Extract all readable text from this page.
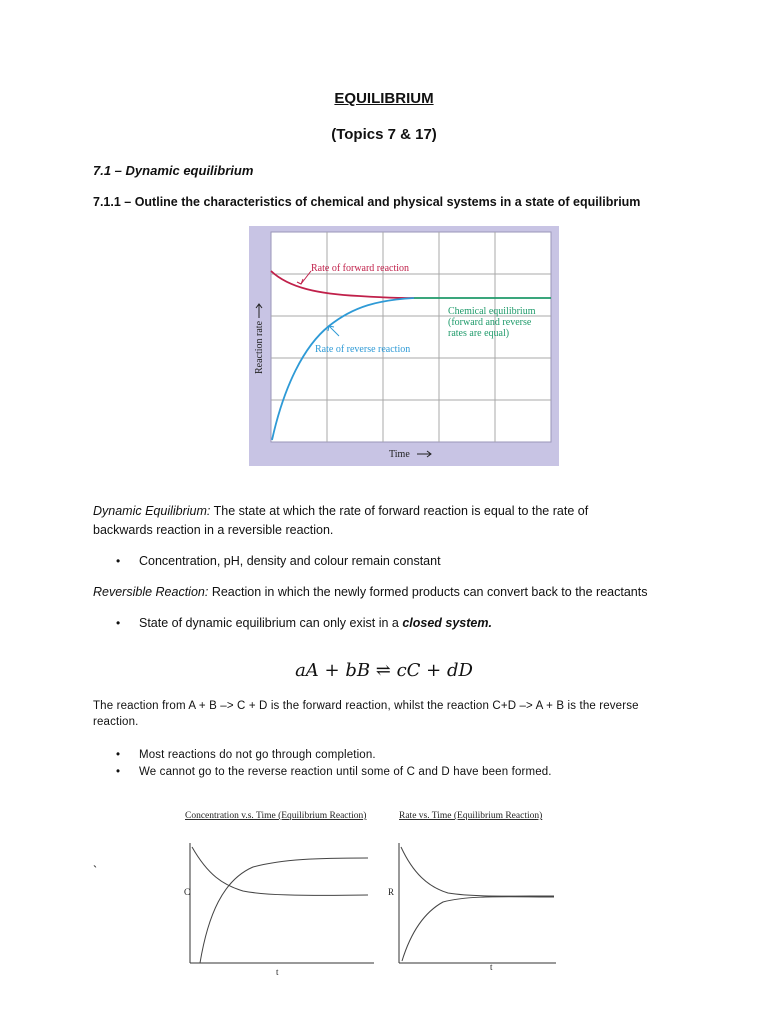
EQUILIBRIUM
(Topics 7 & 17)
7.1 – Dynamic equilibrium
7.1.1 – Outline the characteristics of chemical and physical systems in a state of equilibrium
Rate of forward reaction
Rate of reverse reaction
Chemical equilibrium
(forward and reverse
rates are equal)
Time
Reaction rate
Dynamic Equilibrium: The state at which the rate of forward reaction is equal to the rate of
backwards reaction in a reversible reaction.
• Concentration, pH, density and colour remain constant
Reversible Reaction: Reaction in which the newly formed products can convert back to the reactants
• State of dynamic equilibrium can only exist in a closed system.
aA + bB ⇌ cC + dD
The reaction from A + B –> C + D is the forward reaction, whilst the reaction C+D –> A + B is the reverse
reaction.
• Most reactions do not go through completion.
• We cannot go to the reverse reaction until some of C and D have been formed.
`
Concentration v.s. Time (Equilibrium Reaction)
C
t
Rate vs. Time (Equilibrium Reaction)
R
t
